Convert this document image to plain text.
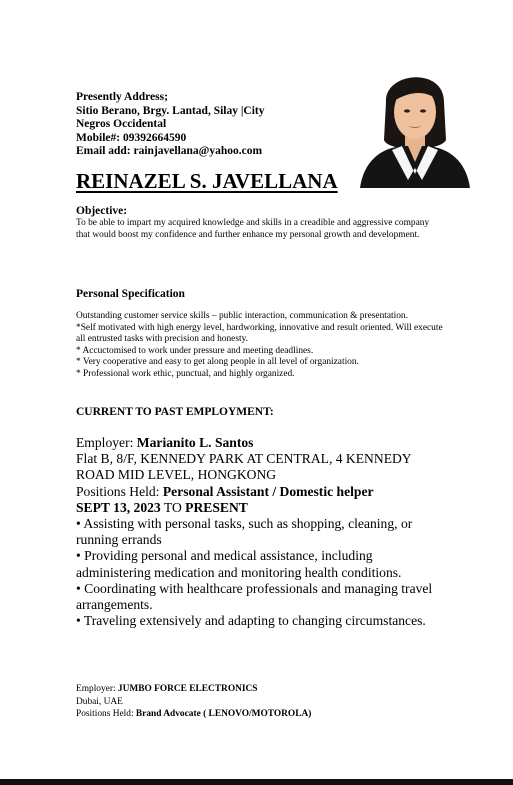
Presently Address;
Sitio Berano, Brgy. Lantad, Silay |City
Negros Occidental
Mobile#: 09392664590
Email add: rainjavellana@yahoo.com
REINAZEL S. JAVELLANA
Objective:
To be able to impart my acquired knowledge and skills in a creadible and aggressive company that would boost my confidence and further enhance my personal growth and development.
Personal Specification
Outstanding customer service skills – public interaction, communication & presentation.
*Self motivated with high energy level, hardworking, innovative and result oriented. Will execute all entrusted tasks with precision and honesty.
* Accuctomised to work under pressure and meeting deadlines.
* Very cooperative and easy to get along people in all level of organization.
* Professional work ethic, punctual, and highly organized.
CURRENT TO PAST EMPLOYMENT:
Employer: Marianito L. Santos
Flat B, 8/F, KENNEDY PARK AT CENTRAL, 4 KENNEDY ROAD MID LEVEL, HONGKONG
Positions Held: Personal Assistant / Domestic helper
SEPT 13, 2023 TO PRESENT
• Assisting with personal tasks, such as shopping, cleaning, or running errands
• Providing personal and medical assistance, including administering medication and monitoring health conditions.
• Coordinating with healthcare professionals and managing travel arrangements.
• Traveling extensively and adapting to changing circumstances.
Employer: JUMBO FORCE ELECTRONICS
Dubai, UAE
Positions Held: Brand Advocate ( LENOVO/MOTOROLA)
